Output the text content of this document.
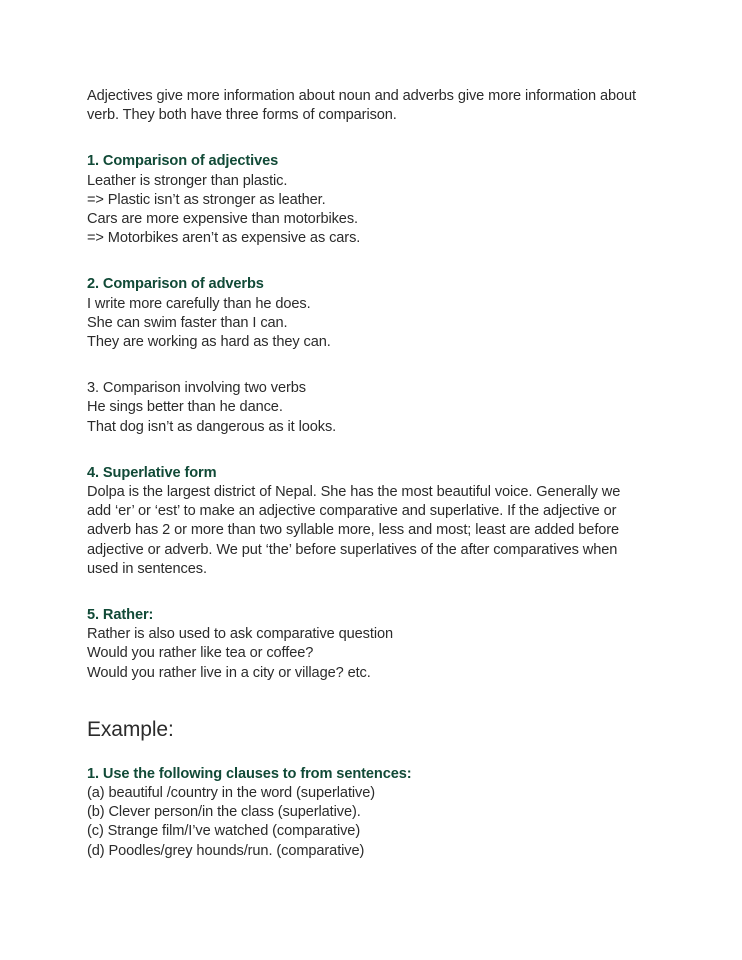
Adjectives give more information about noun and adverbs give more information about
verb. They both have three forms of comparison.

1. Comparison of adjectives
Leather is stronger than plastic.
=> Plastic isn’t as stronger as leather.
Cars are more expensive than motorbikes.
=> Motorbikes aren’t as expensive as cars.
2. Comparison of adverbs
I write more carefully than he does.
She can swim faster than I can.
They are working as hard as they can.
3. Comparison involving two verbs
He sings better than he dance.
That dog isn’t as dangerous as it looks.
4. Superlative form
Dolpa is the largest district of Nepal. She has the most beautiful voice. Generally we
add ‘er’ or ‘est’ to make an adjective comparative and superlative. If the adjective or
adverb has 2 or more than two syllable more, less and most; least are added before
adjective or adverb. We put ‘the’ before superlatives of the after comparatives when
used in sentences.
5. Rather:
Rather is also used to ask comparative question
Would you rather like tea or coffee?
Would you rather live in a city or village? etc.
Example:
1. Use the following clauses to from sentences:
(a) beautiful /country in the word (superlative)
(b) Clever person/in the class (superlative).
(c) Strange film/I’ve watched (comparative)
(d) Poodles/grey hounds/run. (comparative)
